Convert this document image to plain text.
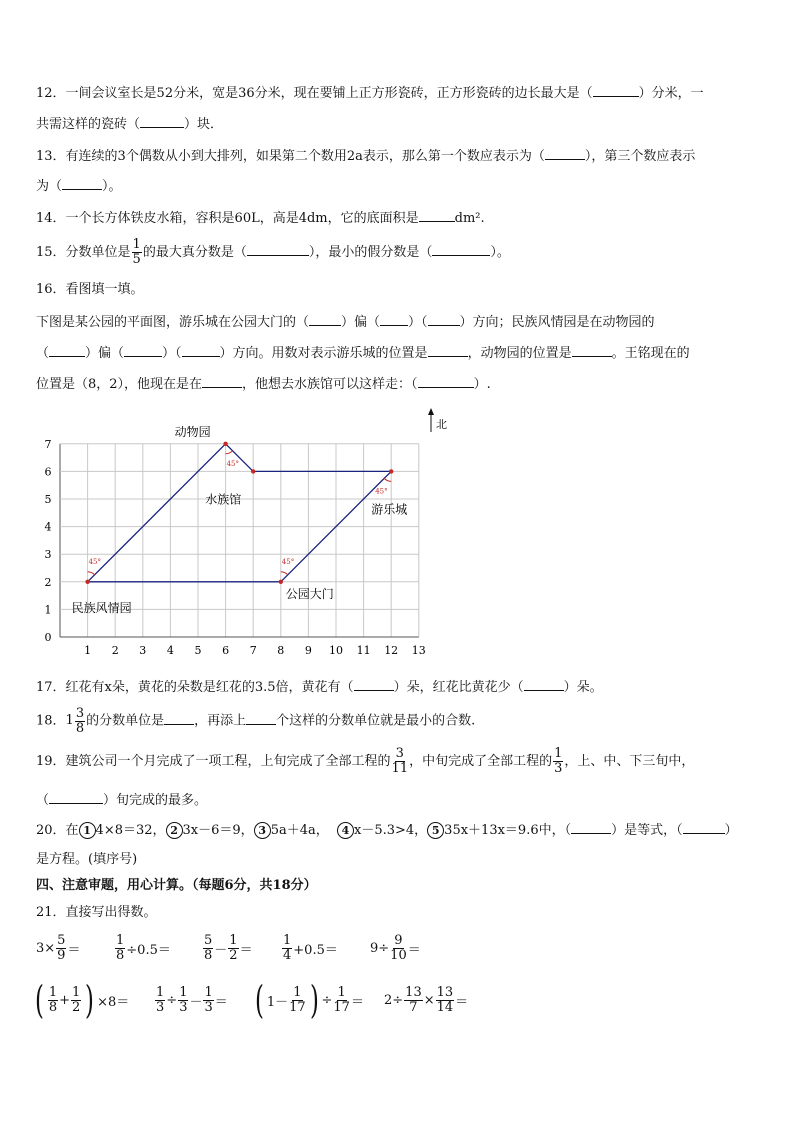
12．一间会议室长是52分米，宽是36分米，现在要铺上正方形瓷砖，正方形瓷砖的边长最大是（	）分米，一
共需这样的瓷砖（	）块．
13．有连续的3个偶数从小到大排列，如果第二个数用2a表示，那么第一个数应表示为（	），第三个数应表示
为（	）。
14．一个长方体铁皮水箱，容积是60L，高是4dm，它的底面积是	dm².
15．分数单位是 $\frac{1}{5}$ 的最大真分数是（	），最小的假分数是（	）。
16．看图填一填。
下图是某公园的平面图，游乐城在公园大门的（ ）偏（ ）（ ）方向；民族风情园是在动物园的
（	）偏（	）（	）方向。用数对表示游乐城的位置是	，动物园的位置是	。王铭现在的
位置是（8，2），他现在是在	，他想去水族馆可以这样走：（	）.
1 2 3 4 5 6 7 8 9 10 11 12 13
0
1
2
3
4
5
6
7
45°	45°
45°
45°
动物园
水族馆
游乐城
民族风情园
公园大门
北
17．红花有x朵，黄花的朵数是红花的3.5倍，黄花有（	）朵，红花比黄花少（	）朵。
18． $1 \frac{3}{8}$ 的分数单位是 ，再添上 个这样的分数单位就是最小的合数.
19．建筑公司一个月完成了一项工程，上旬完成了全部工程的 $\frac{3}{11}$ ，中旬完成了全部工程的 $\frac{1}{3}$ ，上、中、下三旬中，
（	）旬完成的最多。
20．在 1 4×8＝32， 2 3x－6＝9， 3 5a＋4a， 4 x－5.3>4， 5 35x＋13x＝9.6中，（	）是等式，（	）
是方程。(填序号)
四、注意审题，用心计算。（每题6分，共18分）
21．直接写出得数。
$3\times \frac{5}{9}$ ＝	$\frac{1}{8} \div 0.5= \frac{5}{8} - \frac{1}{2} = \frac{1}{4} +0.5= 9\div \frac{9}{10}$ ＝
( $\frac{1}{8} + \frac{1}{2}$ ) $\times 8= \frac{1}{3} \div \frac{1}{3} - \frac{1}{3}$ ＝ ( $1- \frac{1}{17}$ ) ÷ $\frac{1}{17} = 2\div \frac{13}{7} \times \frac{13}{14}$ ＝
